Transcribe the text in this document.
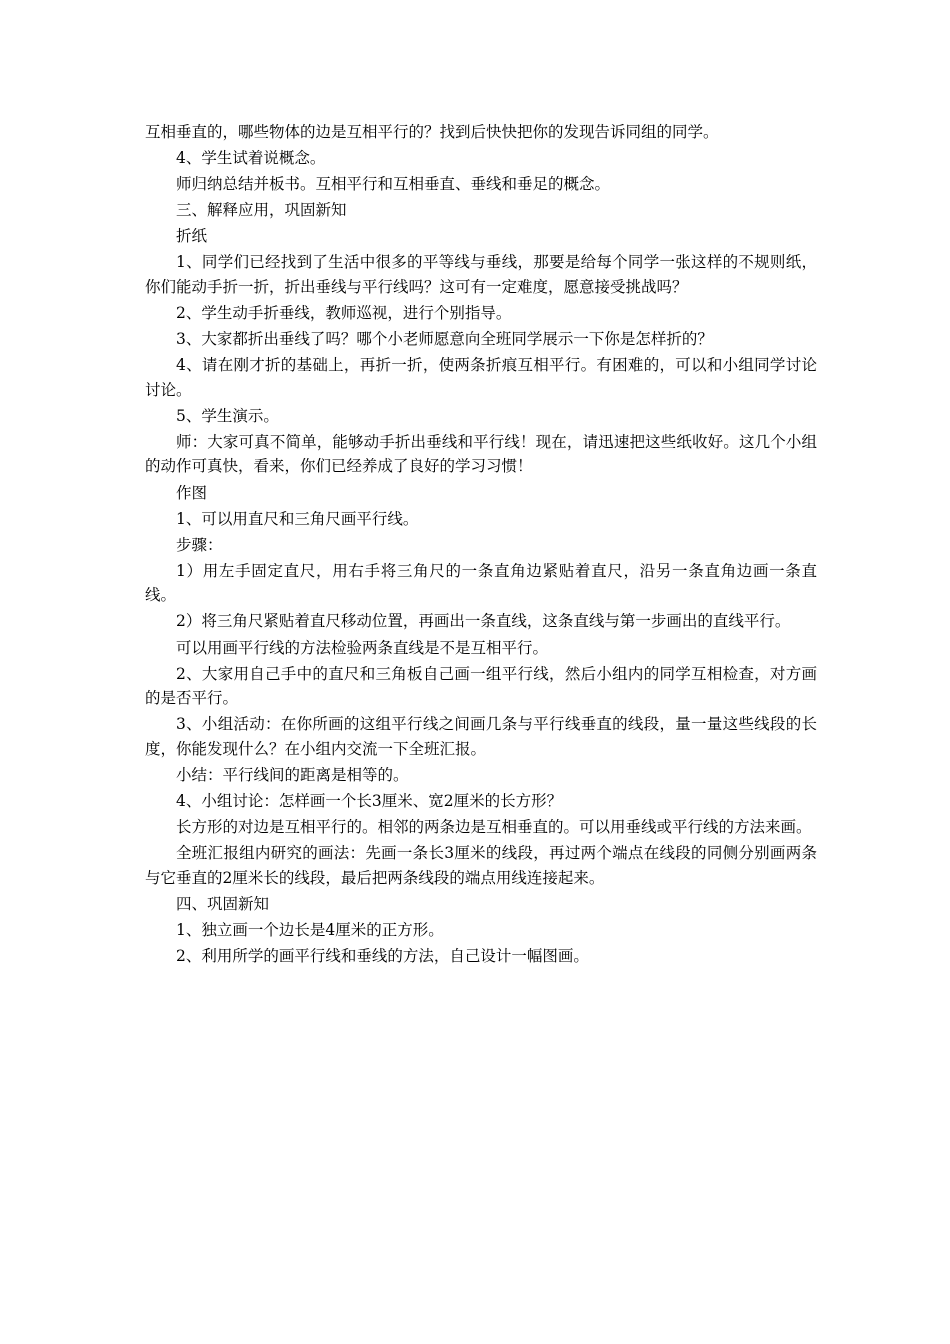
互相垂直的，哪些物体的边是互相平行的？找到后快快把你的发现告诉同组的同学。

4、学生试着说概念。

师归纳总结并板书。互相平行和互相垂直、垂线和垂足的概念。

三、解释应用，巩固新知

折纸

1、同学们已经找到了生活中很多的平等线与垂线，那要是给每个同学一张这样的不规则纸，你们能动手折一折，折出垂线与平行线吗？这可有一定难度，愿意接受挑战吗？

2、学生动手折垂线，教师巡视，进行个别指导。

3、大家都折出垂线了吗？哪个小老师愿意向全班同学展示一下你是怎样折的？

4、请在刚才折的基础上，再折一折，使两条折痕互相平行。有困难的，可以和小组同学讨论讨论。

5、学生演示。

师：大家可真不简单，能够动手折出垂线和平行线！现在，请迅速把这些纸收好。这几个小组的动作可真快，看来，你们已经养成了良好的学习习惯！

作图

1、可以用直尺和三角尺画平行线。

步骤：

1）用左手固定直尺，用右手将三角尺的一条直角边紧贴着直尺，沿另一条直角边画一条直线。

2）将三角尺紧贴着直尺移动位置，再画出一条直线，这条直线与第一步画出的直线平行。

可以用画平行线的方法检验两条直线是不是互相平行。

2、大家用自己手中的直尺和三角板自己画一组平行线，然后小组内的同学互相检查，对方画的是否平行。

3、小组活动：在你所画的这组平行线之间画几条与平行线垂直的线段，量一量这些线段的长度，你能发现什么？在小组内交流一下全班汇报。

小结：平行线间的距离是相等的。

4、小组讨论：怎样画一个长3厘米、宽2厘米的长方形？

长方形的对边是互相平行的。相邻的两条边是互相垂直的。可以用垂线或平行线的方法来画。

全班汇报组内研究的画法：先画一条长3厘米的线段，再过两个端点在线段的同侧分别画两条与它垂直的2厘米长的线段，最后把两条线段的端点用线连接起来。

四、巩固新知

1、独立画一个边长是4厘米的正方形。

2、利用所学的画平行线和垂线的方法，自己设计一幅图画。
